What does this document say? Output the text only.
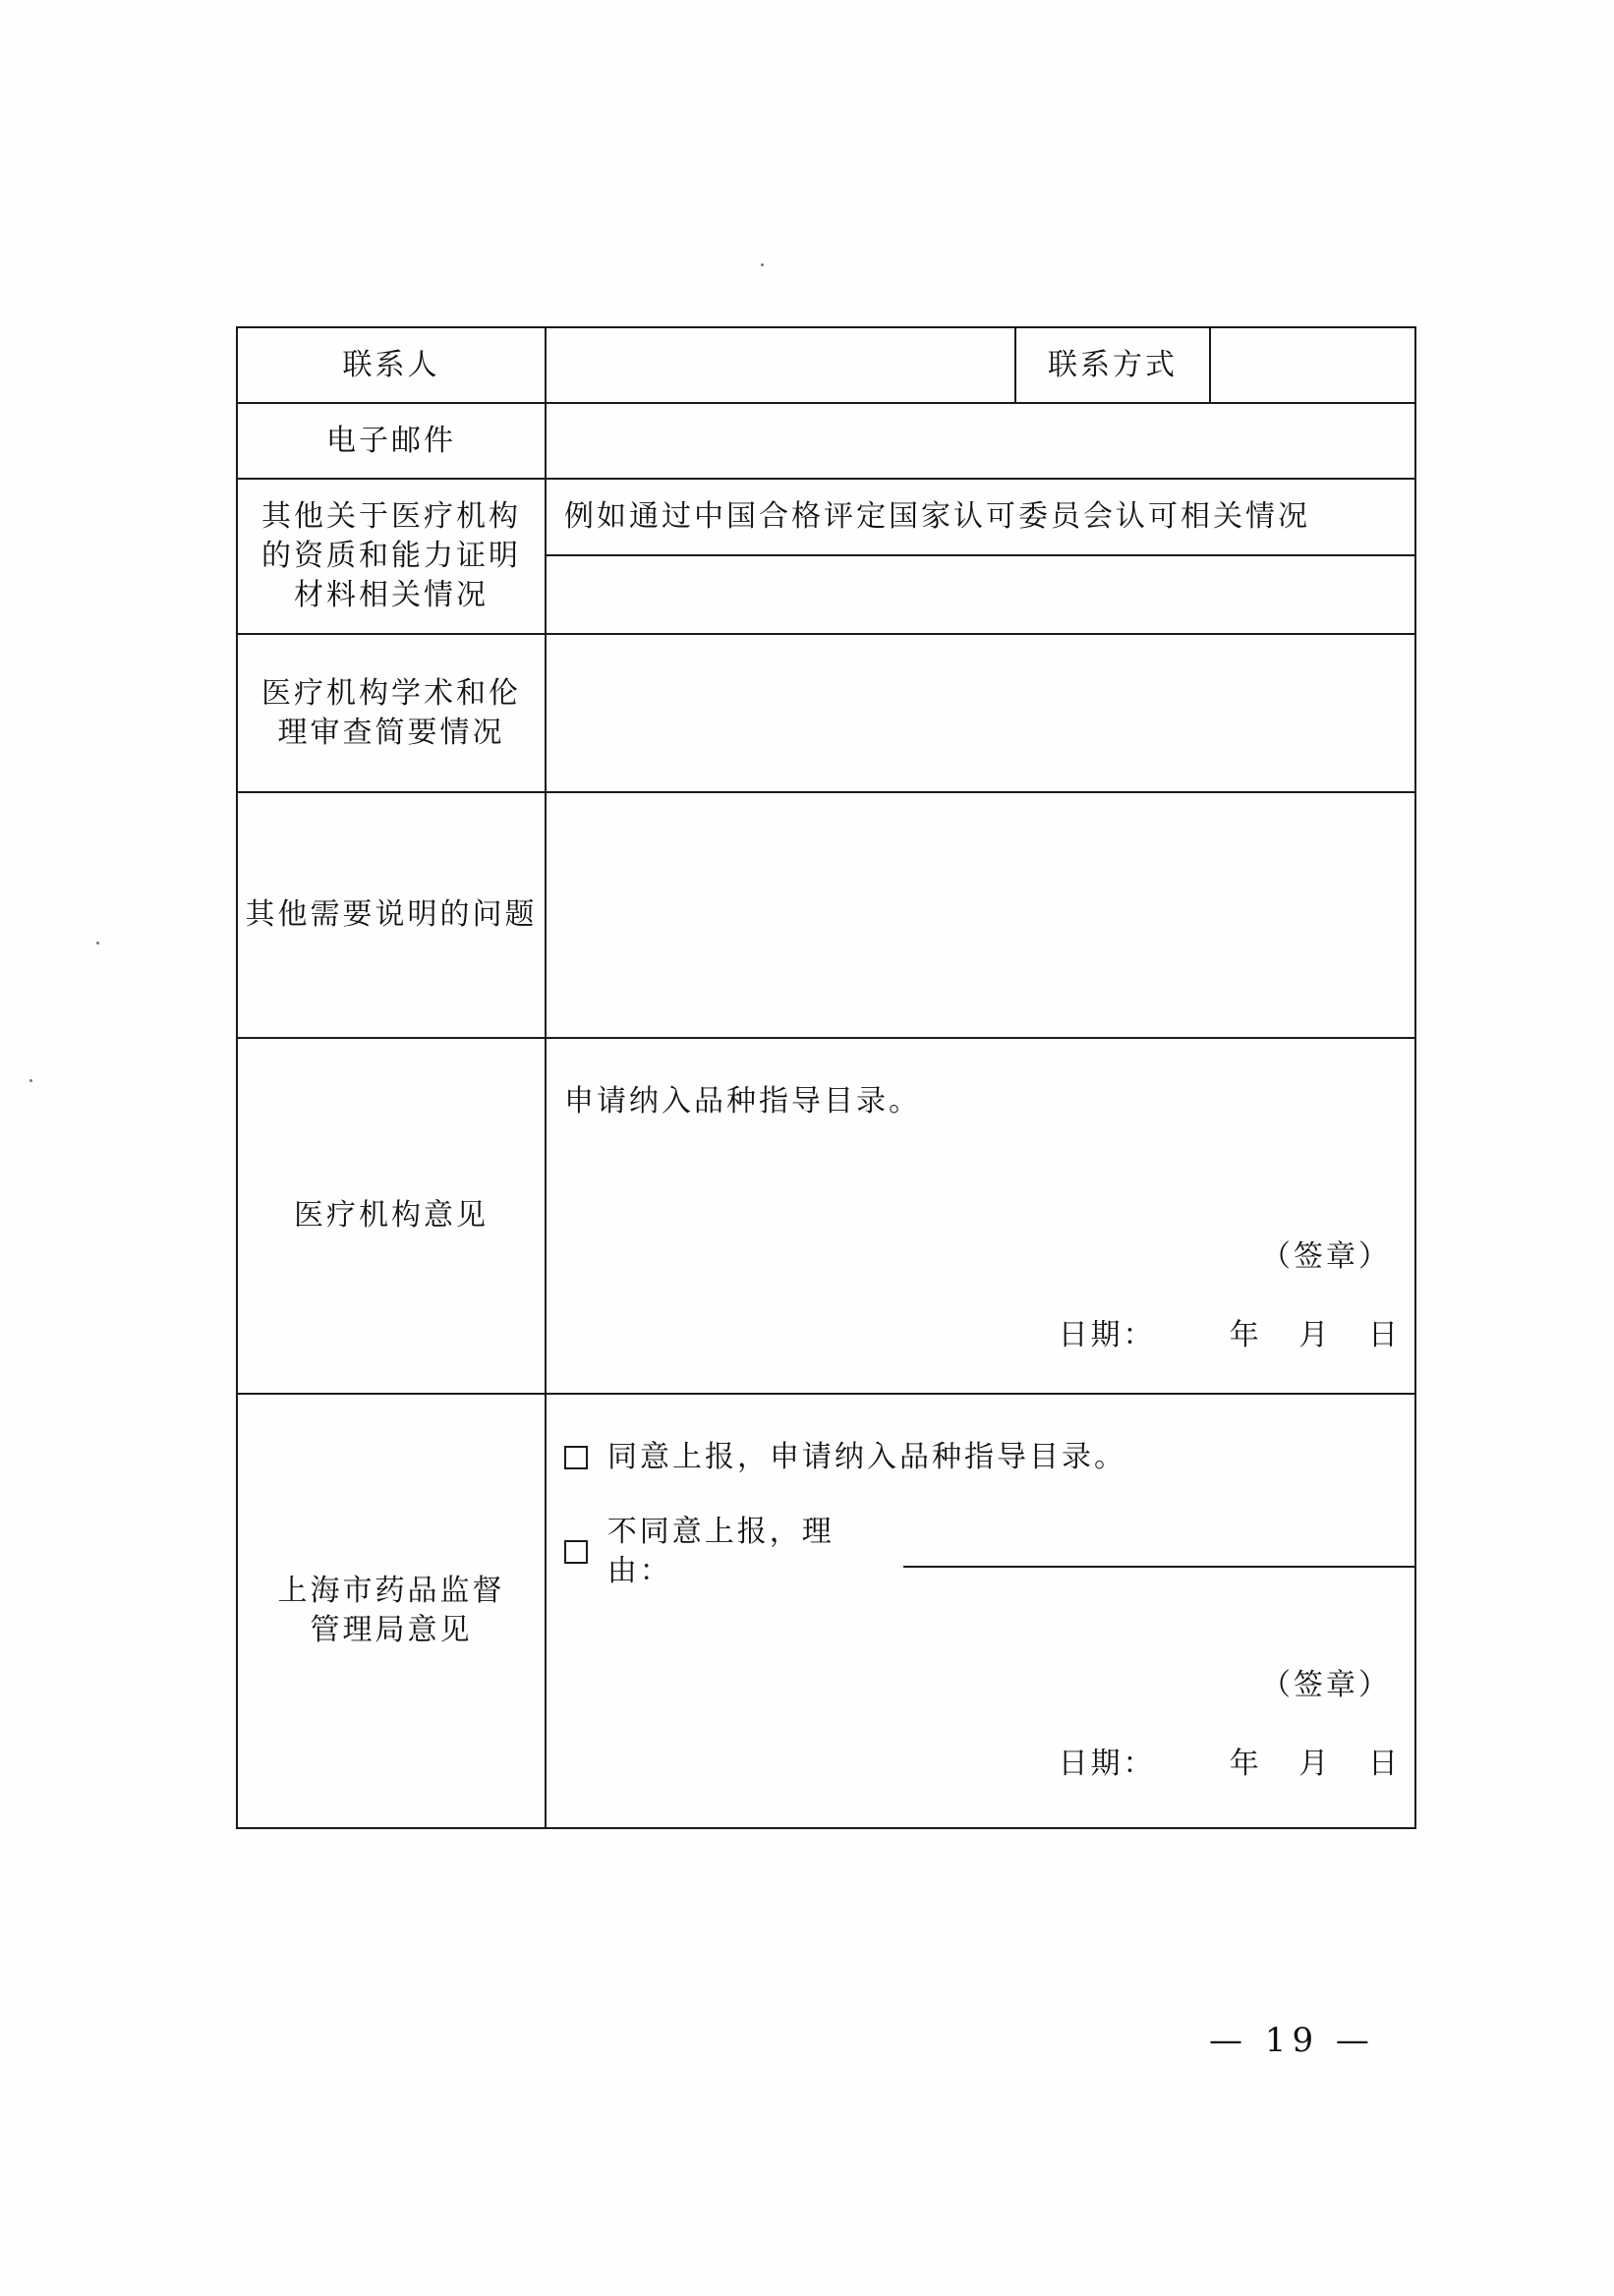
联系人		联系方式	
电子邮件			
其他关于医疗机构的资质和能力证明材料相关情况	例如通过中国合格评定国家认可委员会认可相关情况		

医疗机构学术和伦理审查简要情况			
其他需要说明的问题			
医疗机构意见	申请纳入品种指导目录。
（签章）
日期：      年   月   日		

上海市药品监督管理局意见	同意上报，申请纳入品种指导目录。
不同意上报，理由：
（签章）
日期：      年   月   日		
— 19 —
